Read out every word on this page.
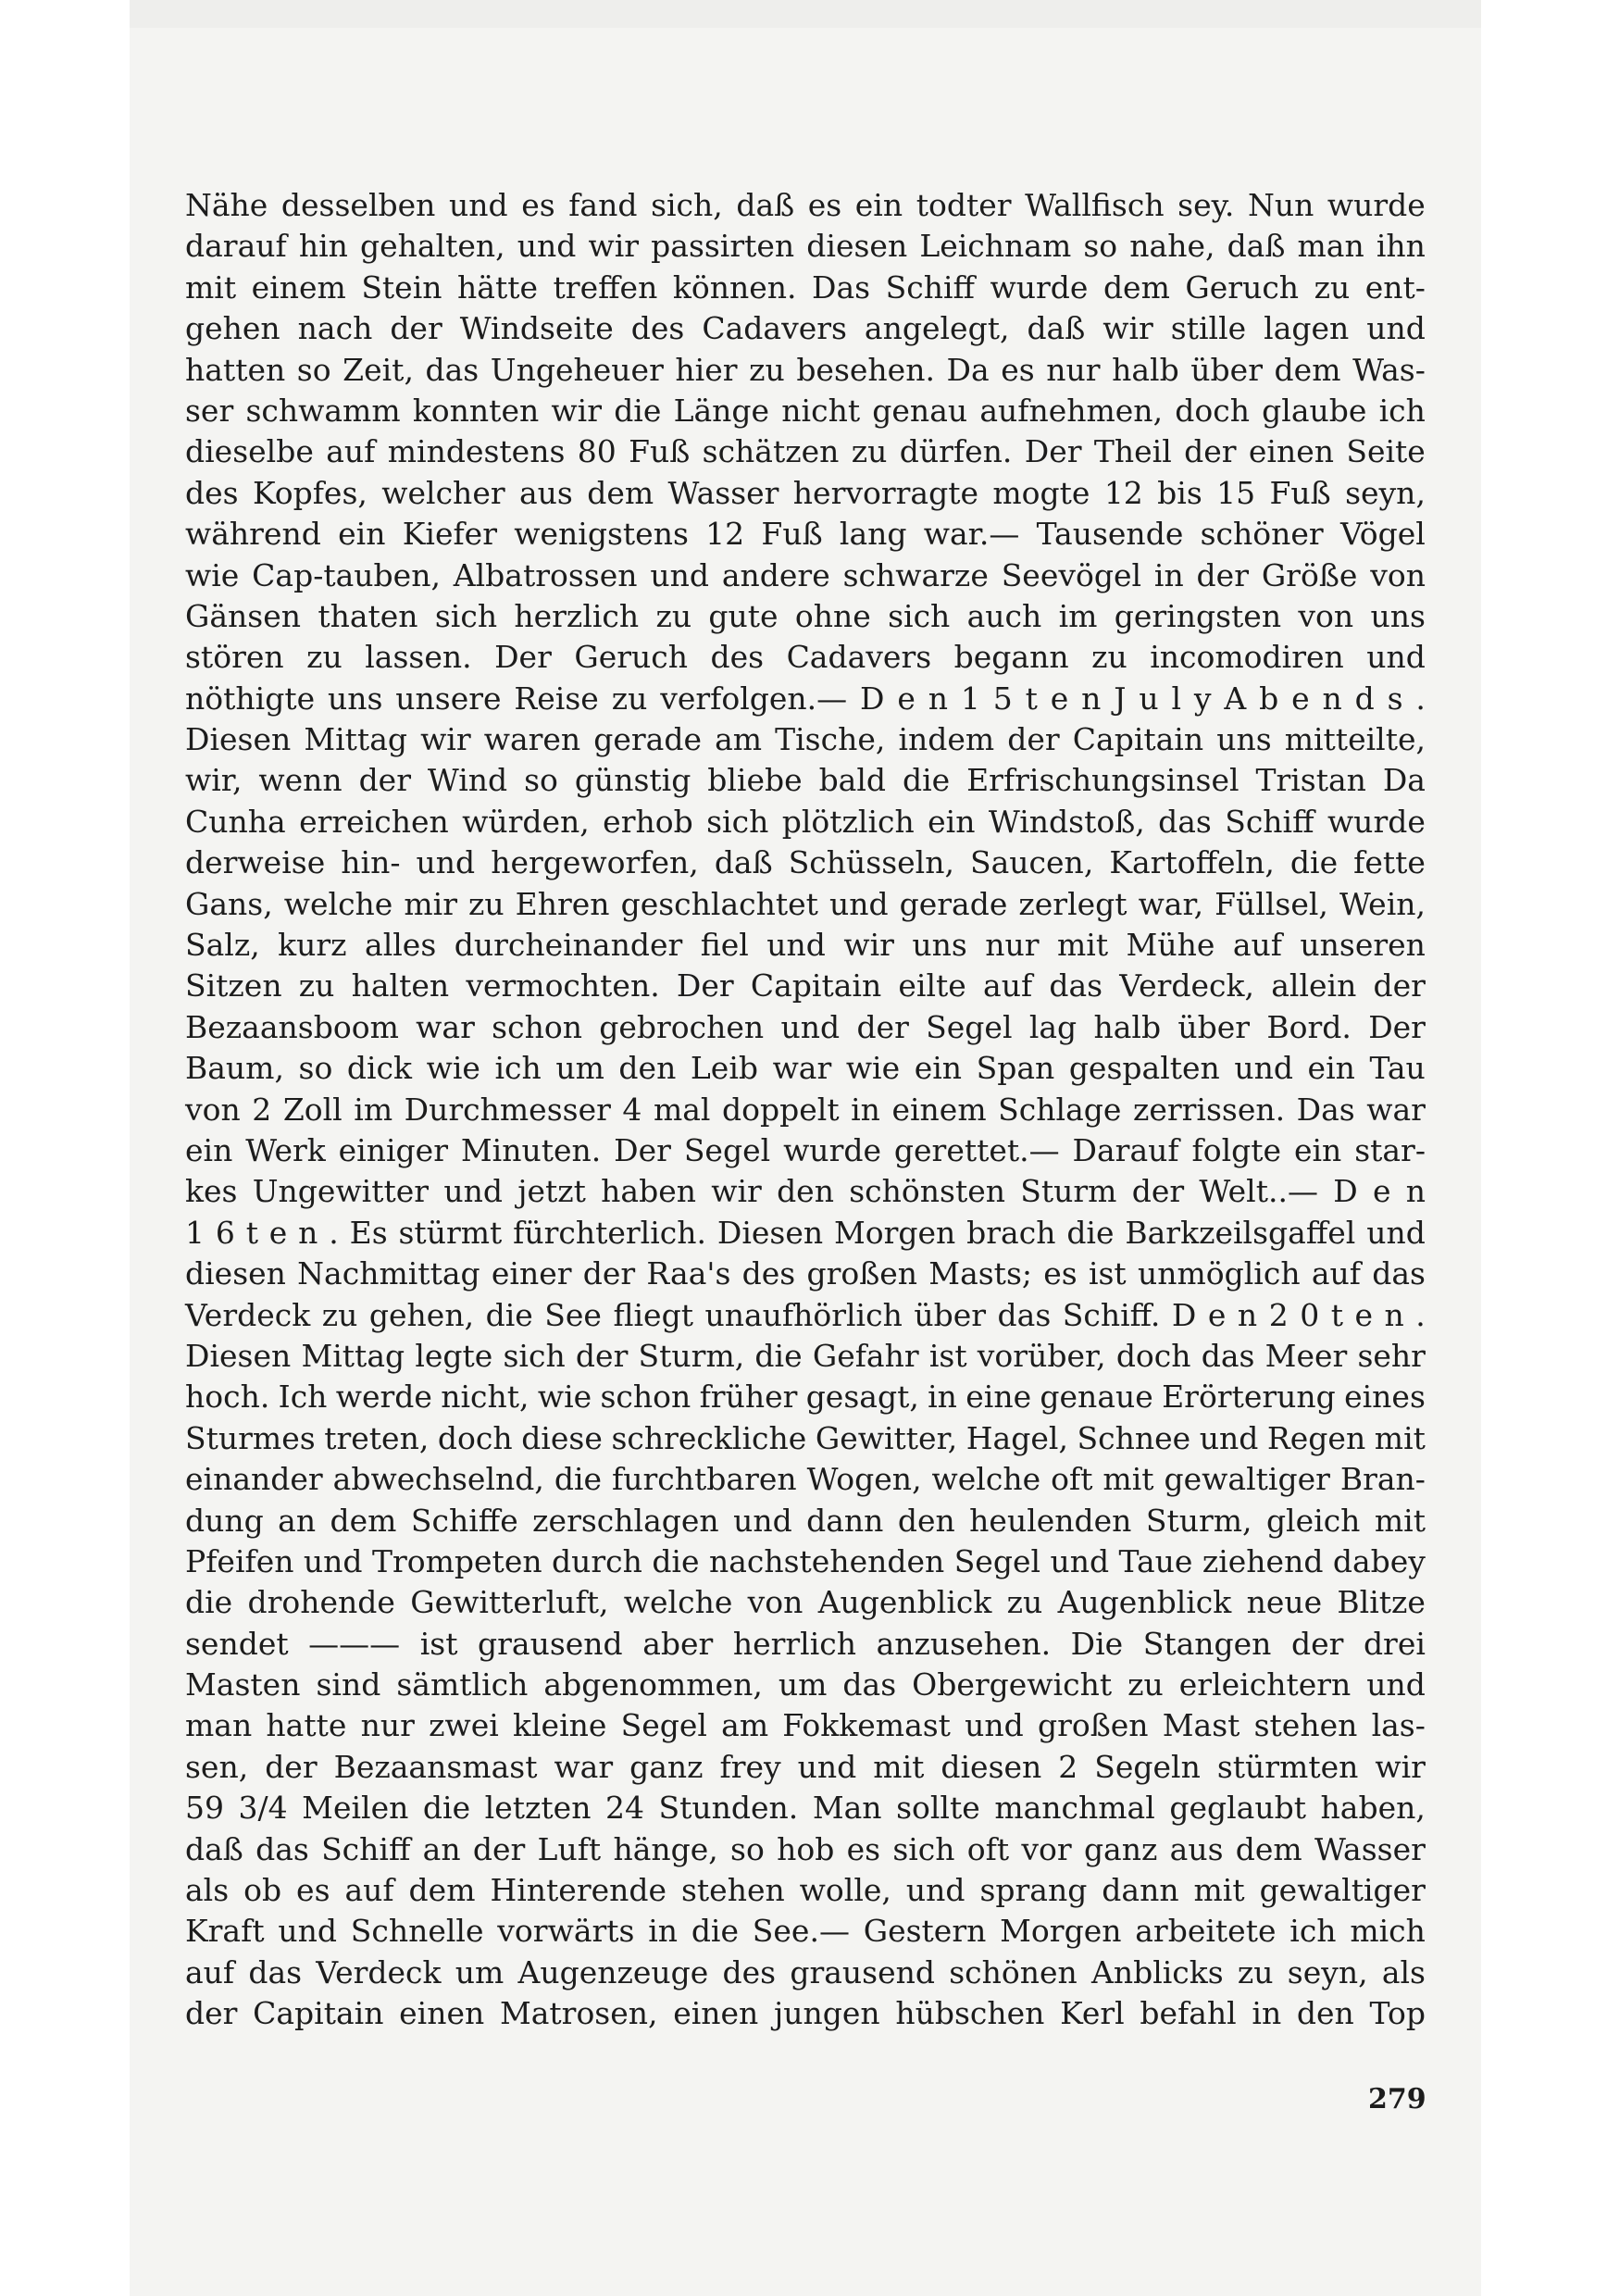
Nähe desselben und es fand sich, daß es ein todter Wallfisch sey. Nun wurde
darauf hin gehalten, und wir passirten diesen Leichnam so nahe, daß man ihn
mit einem Stein hätte treffen können. Das Schiff wurde dem Geruch zu ent-
gehen nach der Windseite des Cadavers angelegt, daß wir stille lagen und
hatten so Zeit, das Ungeheuer hier zu besehen. Da es nur halb über dem Was-
ser schwamm konnten wir die Länge nicht genau aufnehmen, doch glaube ich
dieselbe auf mindestens 80 Fuß schätzen zu dürfen. Der Theil der einen Seite
des Kopfes, welcher aus dem Wasser hervorragte mogte 12 bis 15 Fuß seyn,
während ein Kiefer wenigstens 12 Fuß lang war.— Tausende schöner Vögel
wie Cap-tauben, Albatrossen und andere schwarze Seevögel in der Größe von
Gänsen thaten sich herzlich zu gute ohne sich auch im geringsten von uns
stören zu lassen. Der Geruch des Cadavers begann zu incomodiren und
nöthigte uns unsere Reise zu verfolgen.— D e n 1 5 t e n J u l y A b e n d s .
Diesen Mittag wir waren gerade am Tische, indem der Capitain uns mitteilte,
wir, wenn der Wind so günstig bliebe bald die Erfrischungsinsel Tristan Da
Cunha erreichen würden, erhob sich plötzlich ein Windstoß, das Schiff wurde
derweise hin- und hergeworfen, daß Schüsseln, Saucen, Kartoffeln, die fette
Gans, welche mir zu Ehren geschlachtet und gerade zerlegt war, Füllsel, Wein,
Salz, kurz alles durcheinander fiel und wir uns nur mit Mühe auf unseren
Sitzen zu halten vermochten. Der Capitain eilte auf das Verdeck, allein der
Bezaansboom war schon gebrochen und der Segel lag halb über Bord. Der
Baum, so dick wie ich um den Leib war wie ein Span gespalten und ein Tau
von 2 Zoll im Durchmesser 4 mal doppelt in einem Schlage zerrissen. Das war
ein Werk einiger Minuten. Der Segel wurde gerettet.— Darauf folgte ein star-
kes Ungewitter und jetzt haben wir den schönsten Sturm der Welt..— D e n
1 6 t e n . Es stürmt fürchterlich. Diesen Morgen brach die Barkzeilsgaffel und
diesen Nachmittag einer der Raa's des großen Masts; es ist unmöglich auf das
Verdeck zu gehen, die See fliegt unaufhörlich über das Schiff. D e n 2 0 t e n .
Diesen Mittag legte sich der Sturm, die Gefahr ist vorüber, doch das Meer sehr
hoch. Ich werde nicht, wie schon früher gesagt, in eine genaue Erörterung eines
Sturmes treten, doch diese schreckliche Gewitter, Hagel, Schnee und Regen mit
einander abwechselnd, die furchtbaren Wogen, welche oft mit gewaltiger Bran-
dung an dem Schiffe zerschlagen und dann den heulenden Sturm, gleich mit
Pfeifen und Trompeten durch die nachstehenden Segel und Taue ziehend dabey
die drohende Gewitterluft, welche von Augenblick zu Augenblick neue Blitze
sendet ——— ist grausend aber herrlich anzusehen. Die Stangen der drei
Masten sind sämtlich abgenommen, um das Obergewicht zu erleichtern und
man hatte nur zwei kleine Segel am Fokkemast und großen Mast stehen las-
sen, der Bezaansmast war ganz frey und mit diesen 2 Segeln stürmten wir
59 3/4 Meilen die letzten 24 Stunden. Man sollte manchmal geglaubt haben,
daß das Schiff an der Luft hänge, so hob es sich oft vor ganz aus dem Wasser
als ob es auf dem Hinterende stehen wolle, und sprang dann mit gewaltiger
Kraft und Schnelle vorwärts in die See.— Gestern Morgen arbeitete ich mich
auf das Verdeck um Augenzeuge des grausend schönen Anblicks zu seyn, als
der Capitain einen Matrosen, einen jungen hübschen Kerl befahl in den Top
279
